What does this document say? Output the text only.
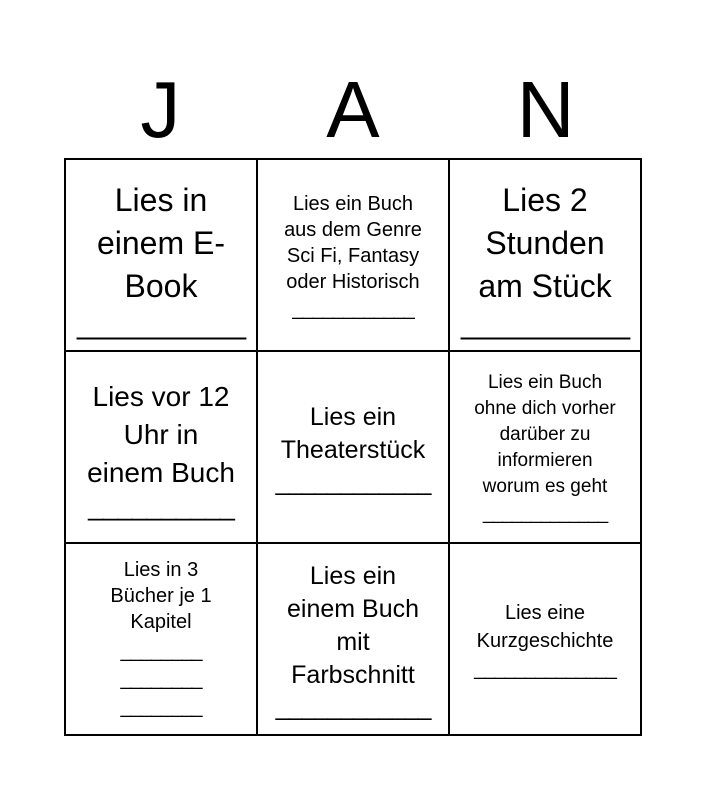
J	A	N
Lies in
einem E-
Book
__________
Lies ein Buch
aus dem Genre
Sci Fi, Fantasy
oder Historisch
____________
Lies 2
Stunden
am Stück
__________
Lies vor 12
Uhr in
einem Buch
__________
Lies ein
Theaterstück
____________
Lies ein Buch
ohne dich vorher
darüber zu
informieren
worum es geht
_____________
Lies in 3
Bücher je 1
Kapitel
________
________
________
Lies ein
einem Buch
mit
Farbschnitt
____________
Lies eine
Kurzgeschichte
______________
